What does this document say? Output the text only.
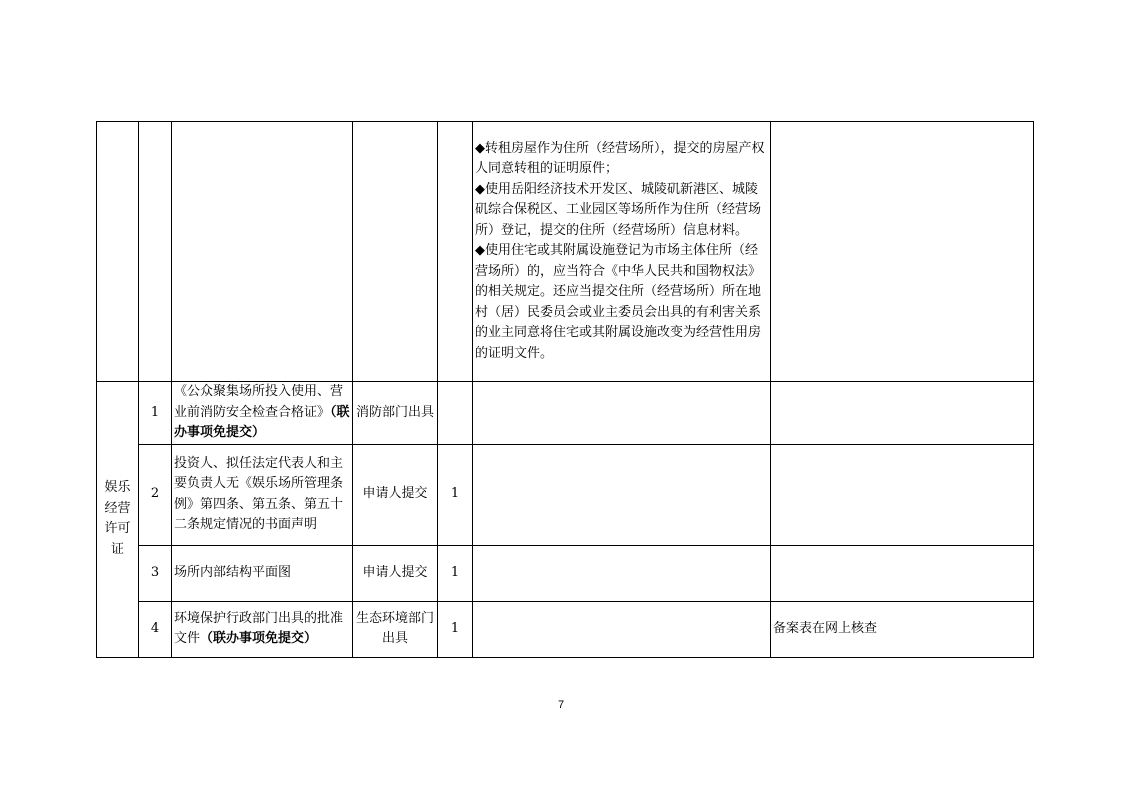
					◆转租房屋作为住所（经营场所），提交的房屋产权人同意转租的证明原件；
◆使用岳阳经济技术开发区、城陵矶新港区、城陵矶综合保税区、工业园区等场所作为住所（经营场所）登记，提交的住所（经营场所）信息材料。
◆使用住宅或其附属设施登记为市场主体住所（经营场所）的，应当符合《中华人民共和国物权法》的相关规定。还应当提交住所（经营场所）所在地村（居）民委员会或业主委员会出具的有利害关系的业主同意将住宅或其附属设施改变为经营性用房的证明文件。	

娱乐经营许可证	1	《公众聚集场所投入使用、营业前消防安全检查合格证》（联办事项免提交）	消防部门出具			
	2	投资人、拟任法定代表人和主要负责人无《娱乐场所管理条例》第四条、第五条、第五十二条规定情况的书面声明	申请人提交	1		
	3	场所内部结构平面图	申请人提交	1		
	4	环境保护行政部门出具的批准文件（联办事项免提交）	生态环境部门出具	1		备案表在网上核查
7
